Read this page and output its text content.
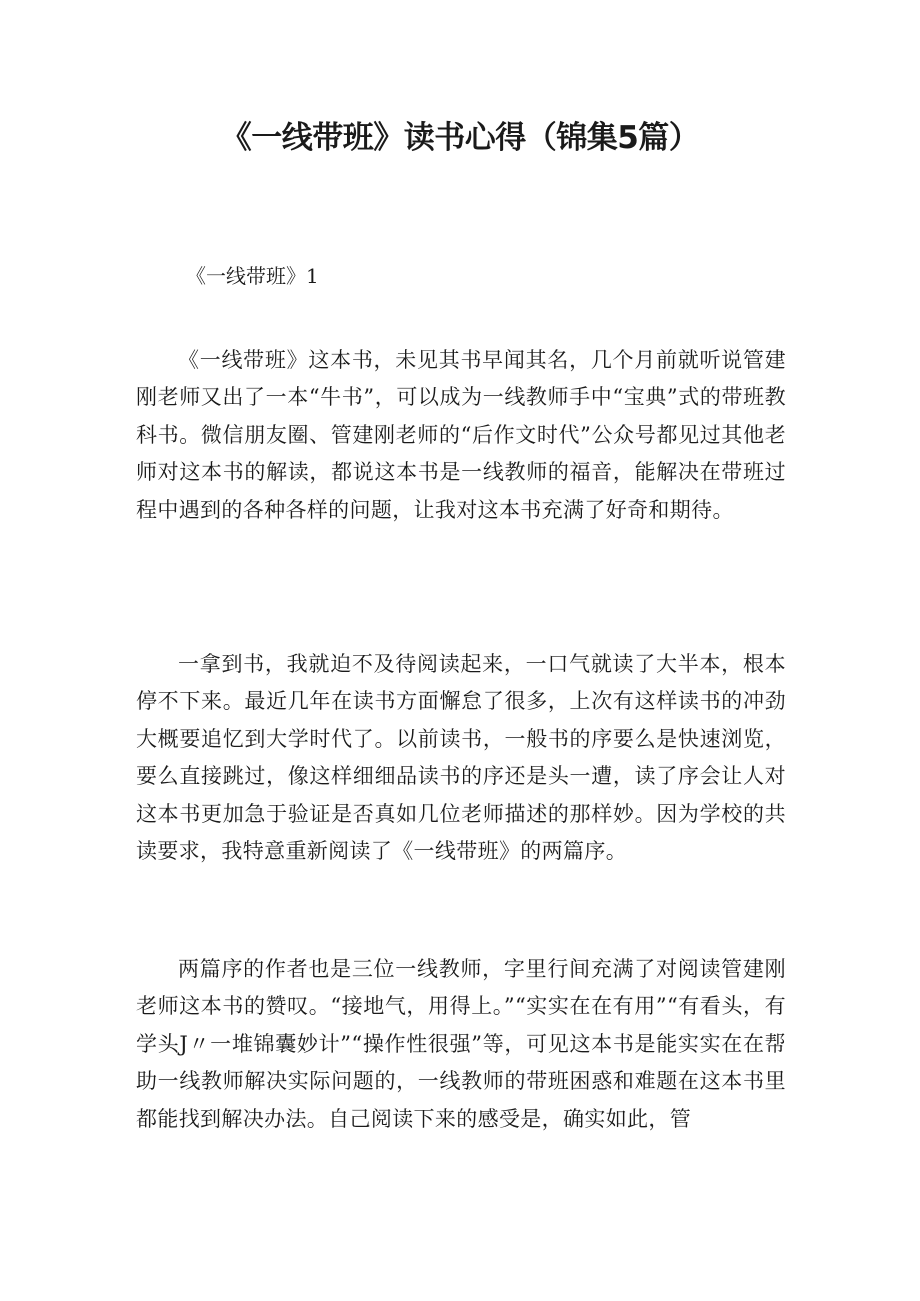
《一线带班》读书心得（锦集5篇）

《一线带班》1

《一线带班》这本书，未见其书早闻其名，几个月前就听说管建刚老师又出了一本“牛书”，可以成为一线教师手中“宝典”式的带班教科书。微信朋友圈、管建刚老师的“后作文时代”公众号都见过其他老师对这本书的解读，都说这本书是一线教师的福音，能解决在带班过程中遇到的各种各样的问题，让我对这本书充满了好奇和期待。

一拿到书，我就迫不及待阅读起来，一口气就读了大半本，根本停不下来。最近几年在读书方面懈怠了很多，上次有这样读书的冲劲大概要追忆到大学时代了。以前读书，一般书的序要么是快速浏览，要么直接跳过，像这样细细品读书的序还是头一遭，读了序会让人对这本书更加急于验证是否真如几位老师描述的那样妙。因为学校的共读要求，我特意重新阅读了《一线带班》的两篇序。

两篇序的作者也是三位一线教师，字里行间充满了对阅读管建刚老师这本书的赞叹。“接地气，用得上。”“实实在在有用”“有看头，有学头J〃一堆锦囊妙计”“操作性很强”等，可见这本书是能实实在在帮助一线教师解决实际问题的，一线教师的带班困惑和难题在这本书里都能找到解决办法。自己阅读下来的感受是，确实如此，管
